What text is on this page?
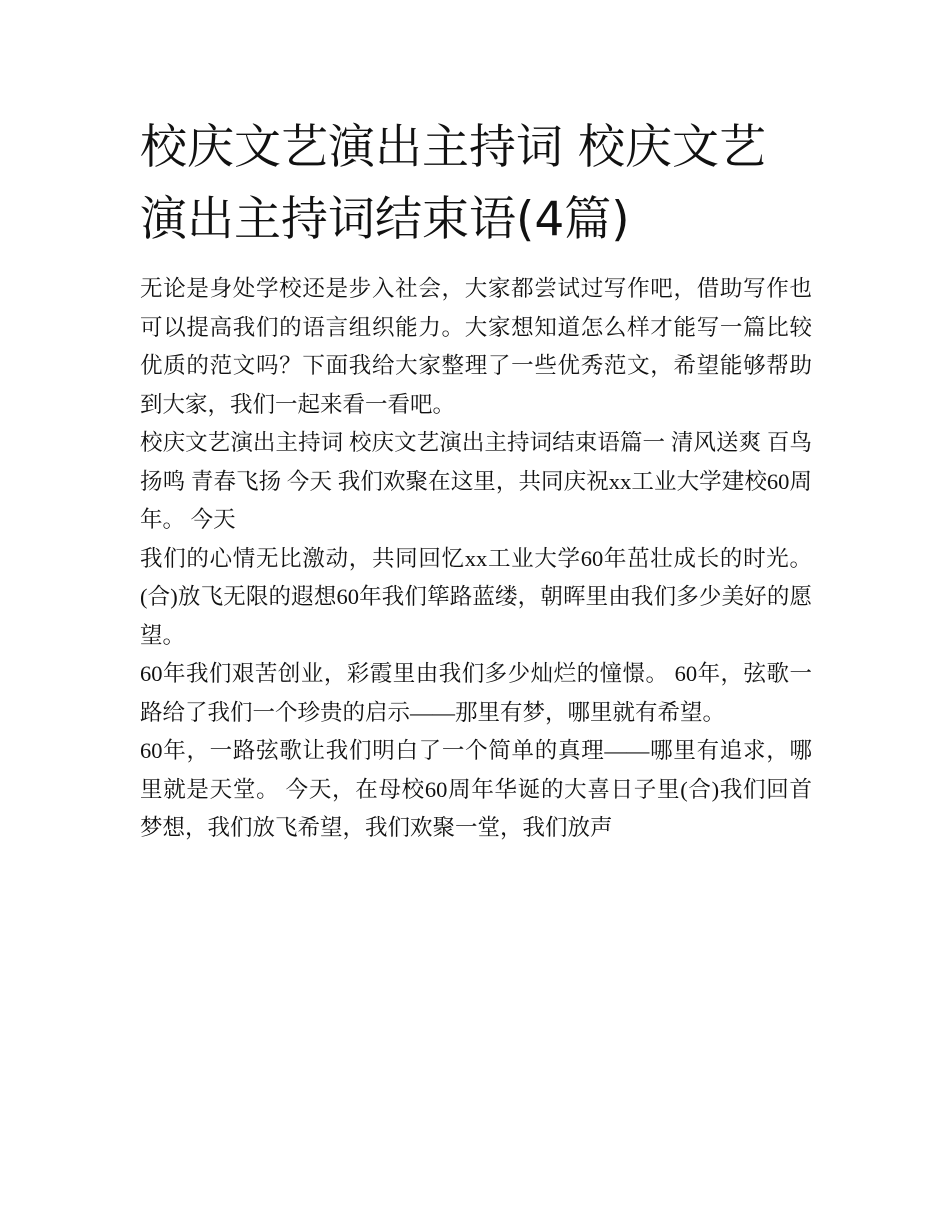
校庆文艺演出主持词 校庆文艺演出主持词结束语(4篇)

无论是身处学校还是步入社会，大家都尝试过写作吧，借助写作也可以提高我们的语言组织能力。大家想知道怎么样才能写一篇比较优质的范文吗？下面我给大家整理了一些优秀范文，希望能够帮助到大家，我们一起来看一看吧。

校庆文艺演出主持词 校庆文艺演出主持词结束语篇一 清风送爽 百鸟扬鸣 青春飞扬 今天 我们欢聚在这里，共同庆祝xx工业大学建校60周年。 今天

我们的心情无比激动，共同回忆xx工业大学60年茁壮成长的时光。 (合)放飞无限的遐想60年我们筚路蓝缕，朝晖里由我们多少美好的愿望。

60年我们艰苦创业，彩霞里由我们多少灿烂的憧憬。 60年，弦歌一路给了我们一个珍贵的启示——那里有梦，哪里就有希望。

60年，一路弦歌让我们明白了一个简单的真理——哪里有追求，哪里就是天堂。 今天，在母校60周年华诞的大喜日子里(合)我们回首梦想，我们放飞希望，我们欢聚一堂，我们放声
